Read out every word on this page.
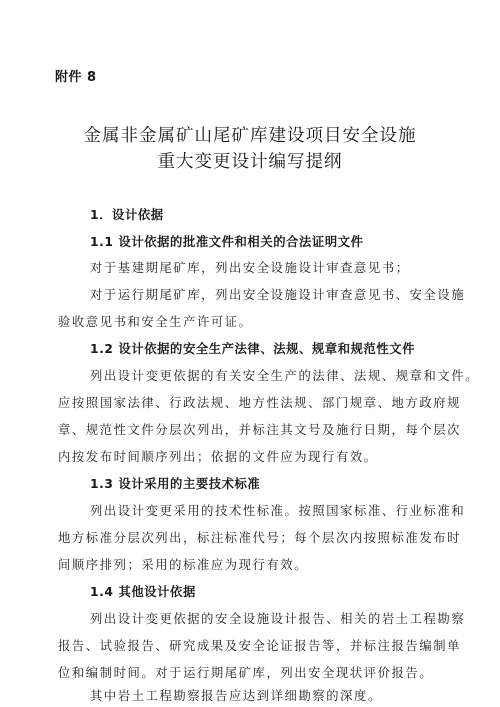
附件 8
金属非金属矿山尾矿库建设项目安全设施
重大变更设计编写提纲
1．设计依据
1.1 设计依据的批准文件和相关的合法证明文件
对于基建期尾矿库，列出安全设施设计审查意见书；
对于运行期尾矿库，列出安全设施设计审查意见书、安全设施
验收意见书和安全生产许可证。
1.2 设计依据的安全生产法律、法规、规章和规范性文件
列出设计变更依据的有关安全生产的法律、法规、规章和文件。
应按照国家法律、行政法规、地方性法规、部门规章、地方政府规
章、规范性文件分层次列出，并标注其文号及施行日期，每个层次
内按发布时间顺序列出；依据的文件应为现行有效。
1.3 设计采用的主要技术标准
列出设计变更采用的技术性标准。按照国家标准、行业标准和
地方标准分层次列出，标注标准代号；每个层次内按照标准发布时
间顺序排列；采用的标准应为现行有效。
1.4 其他设计依据
列出设计变更依据的安全设施设计报告、相关的岩土工程勘察
报告、试验报告、研究成果及安全论证报告等，并标注报告编制单
位和编制时间。对于运行期尾矿库，列出安全现状评价报告。
其中岩土工程勘察报告应达到详细勘察的深度。
